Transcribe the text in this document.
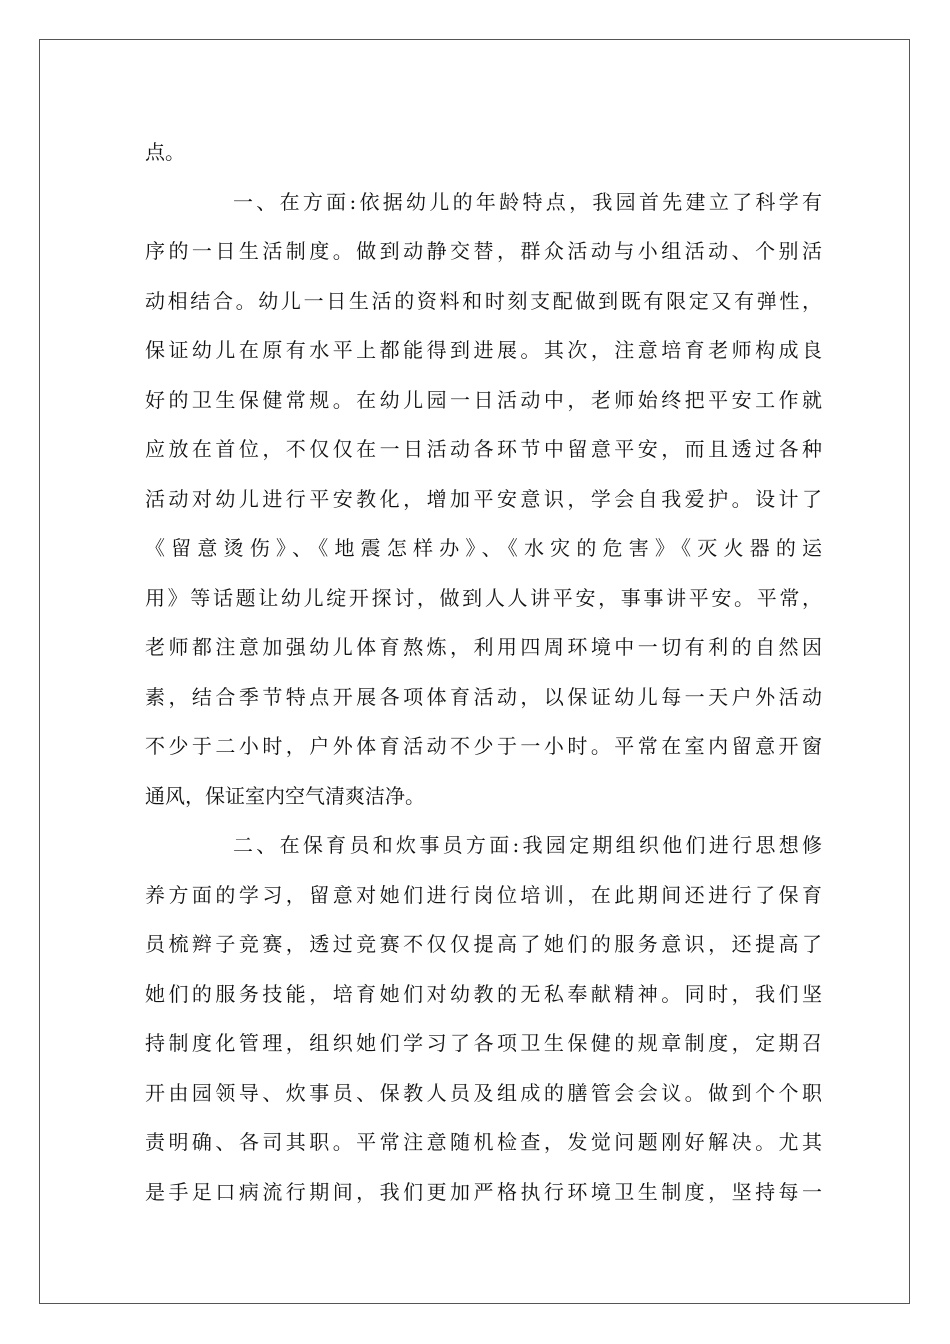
点。
一、在方面:依据幼儿的年龄特点，我园首先建立了科学有
序的一日生活制度。做到动静交替，群众活动与小组活动、个别活
动相结合。幼儿一日生活的资料和时刻支配做到既有限定又有弹性，
保证幼儿在原有水平上都能得到进展。其次，注意培育老师构成良
好的卫生保健常规。在幼儿园一日活动中，老师始终把平安工作就
应放在首位，不仅仅在一日活动各环节中留意平安，而且透过各种
活动对幼儿进行平安教化，增加平安意识，学会自我爱护。设计了
《留意烫伤》、《地震怎样办》、《水灾的危害》《灭火器的运
用》等话题让幼儿绽开探讨，做到人人讲平安，事事讲平安。平常，
老师都注意加强幼儿体育熬炼，利用四周环境中一切有利的自然因
素，结合季节特点开展各项体育活动，以保证幼儿每一天户外活动
不少于二小时，户外体育活动不少于一小时。平常在室内留意开窗
通风，保证室内空气清爽洁净。
二、在保育员和炊事员方面:我园定期组织他们进行思想修
养方面的学习，留意对她们进行岗位培训，在此期间还进行了保育
员梳辫子竞赛，透过竞赛不仅仅提高了她们的服务意识，还提高了
她们的服务技能，培育她们对幼教的无私奉献精神。同时，我们坚
持制度化管理，组织她们学习了各项卫生保健的规章制度，定期召
开由园领导、炊事员、保教人员及组成的膳管会会议。做到个个职
责明确、各司其职。平常注意随机检查，发觉问题刚好解决。尤其
是手足口病流行期间，我们更加严格执行环境卫生制度，坚持每一
